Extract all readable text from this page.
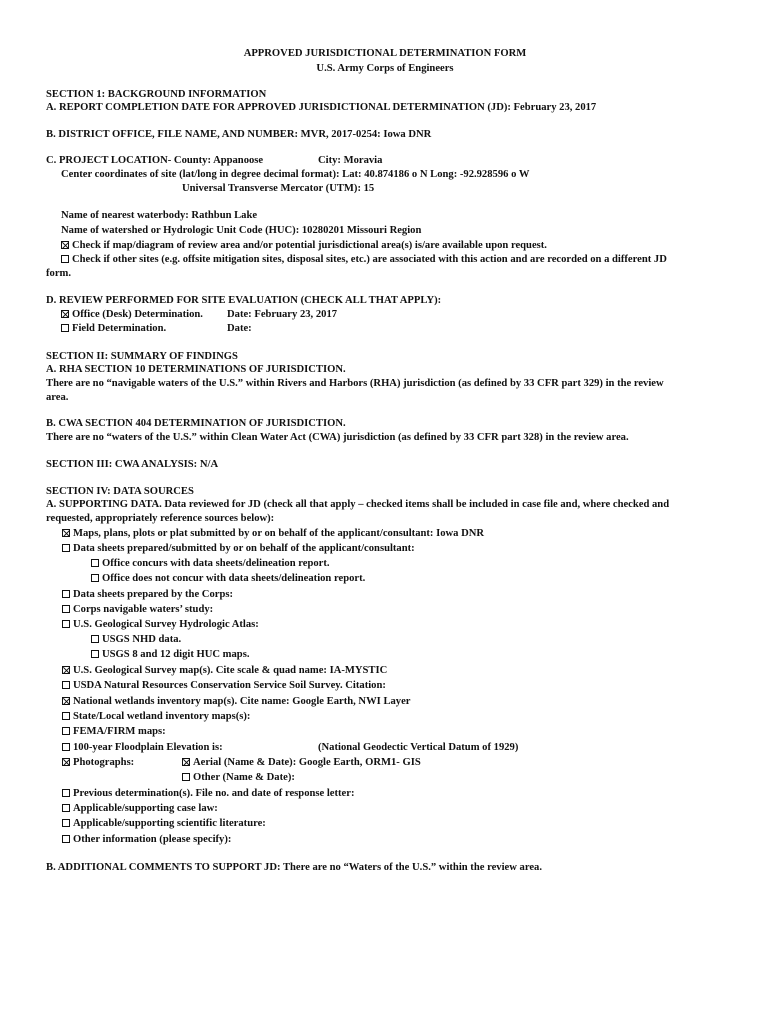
APPROVED JURISDICTIONAL DETERMINATION FORM
U.S. Army Corps of Engineers
SECTION 1: BACKGROUND INFORMATION
A. REPORT COMPLETION DATE FOR APPROVED JURISDICTIONAL DETERMINATION (JD): February 23, 2017
B. DISTRICT OFFICE, FILE NAME, AND NUMBER: MVR, 2017-0254: Iowa DNR
C. PROJECT LOCATION- County: Appanoose	City: Moravia
Center coordinates of site (lat/long in degree decimal format): Lat: 40.874186 o N Long: -92.928596 o W
Universal Transverse Mercator (UTM): 15
Name of nearest waterbody: Rathbun Lake
Name of watershed or Hydrologic Unit Code (HUC): 10280201 Missouri Region
Check if map/diagram of review area and/or potential jurisdictional area(s) is/are available upon request.
Check if other sites (e.g. offsite mitigation sites, disposal sites, etc.) are associated with this action and are recorded on a different JD
form.
D. REVIEW PERFORMED FOR SITE EVALUATION (CHECK ALL THAT APPLY):
Office (Desk) Determination. Date: February 23, 2017
Field Determination.	Date:
SECTION II: SUMMARY OF FINDINGS
A. RHA SECTION 10 DETERMINATIONS OF JURISDICTION.
There are no “navigable waters of the U.S.” within Rivers and Harbors (RHA) jurisdiction (as defined by 33 CFR part 329) in the review
area.
B. CWA SECTION 404 DETERMINATION OF JURISDICTION.
There are no “waters of the U.S.” within Clean Water Act (CWA) jurisdiction (as defined by 33 CFR part 328) in the review area.
SECTION III: CWA ANALYSIS: N/A
SECTION IV: DATA SOURCES
A. SUPPORTING DATA. Data reviewed for JD (check all that apply – checked items shall be included in case file and, where checked and
requested, appropriately reference sources below):
Maps, plans, plots or plat submitted by or on behalf of the applicant/consultant: Iowa DNR
Data sheets prepared/submitted by or on behalf of the applicant/consultant:
Office concurs with data sheets/delineation report.
Office does not concur with data sheets/delineation report.
Data sheets prepared by the Corps:
Corps navigable waters’ study:
U.S. Geological Survey Hydrologic Atlas:
USGS NHD data.
USGS 8 and 12 digit HUC maps.
U.S. Geological Survey map(s). Cite scale & quad name: IA-MYSTIC
USDA Natural Resources Conservation Service Soil Survey. Citation:
National wetlands inventory map(s). Cite name: Google Earth, NWI Layer
State/Local wetland inventory maps(s):
FEMA/FIRM maps:
100-year Floodplain Elevation is:	(National Geodectic Vertical Datum of 1929)
Photographs:	Aerial (Name & Date): Google Earth, ORM1- GIS
Other (Name & Date):
Previous determination(s). File no. and date of response letter:
Applicable/supporting case law:
Applicable/supporting scientific literature:
Other information (please specify):
B. ADDITIONAL COMMENTS TO SUPPORT JD: There are no “Waters of the U.S.” within the review area.
